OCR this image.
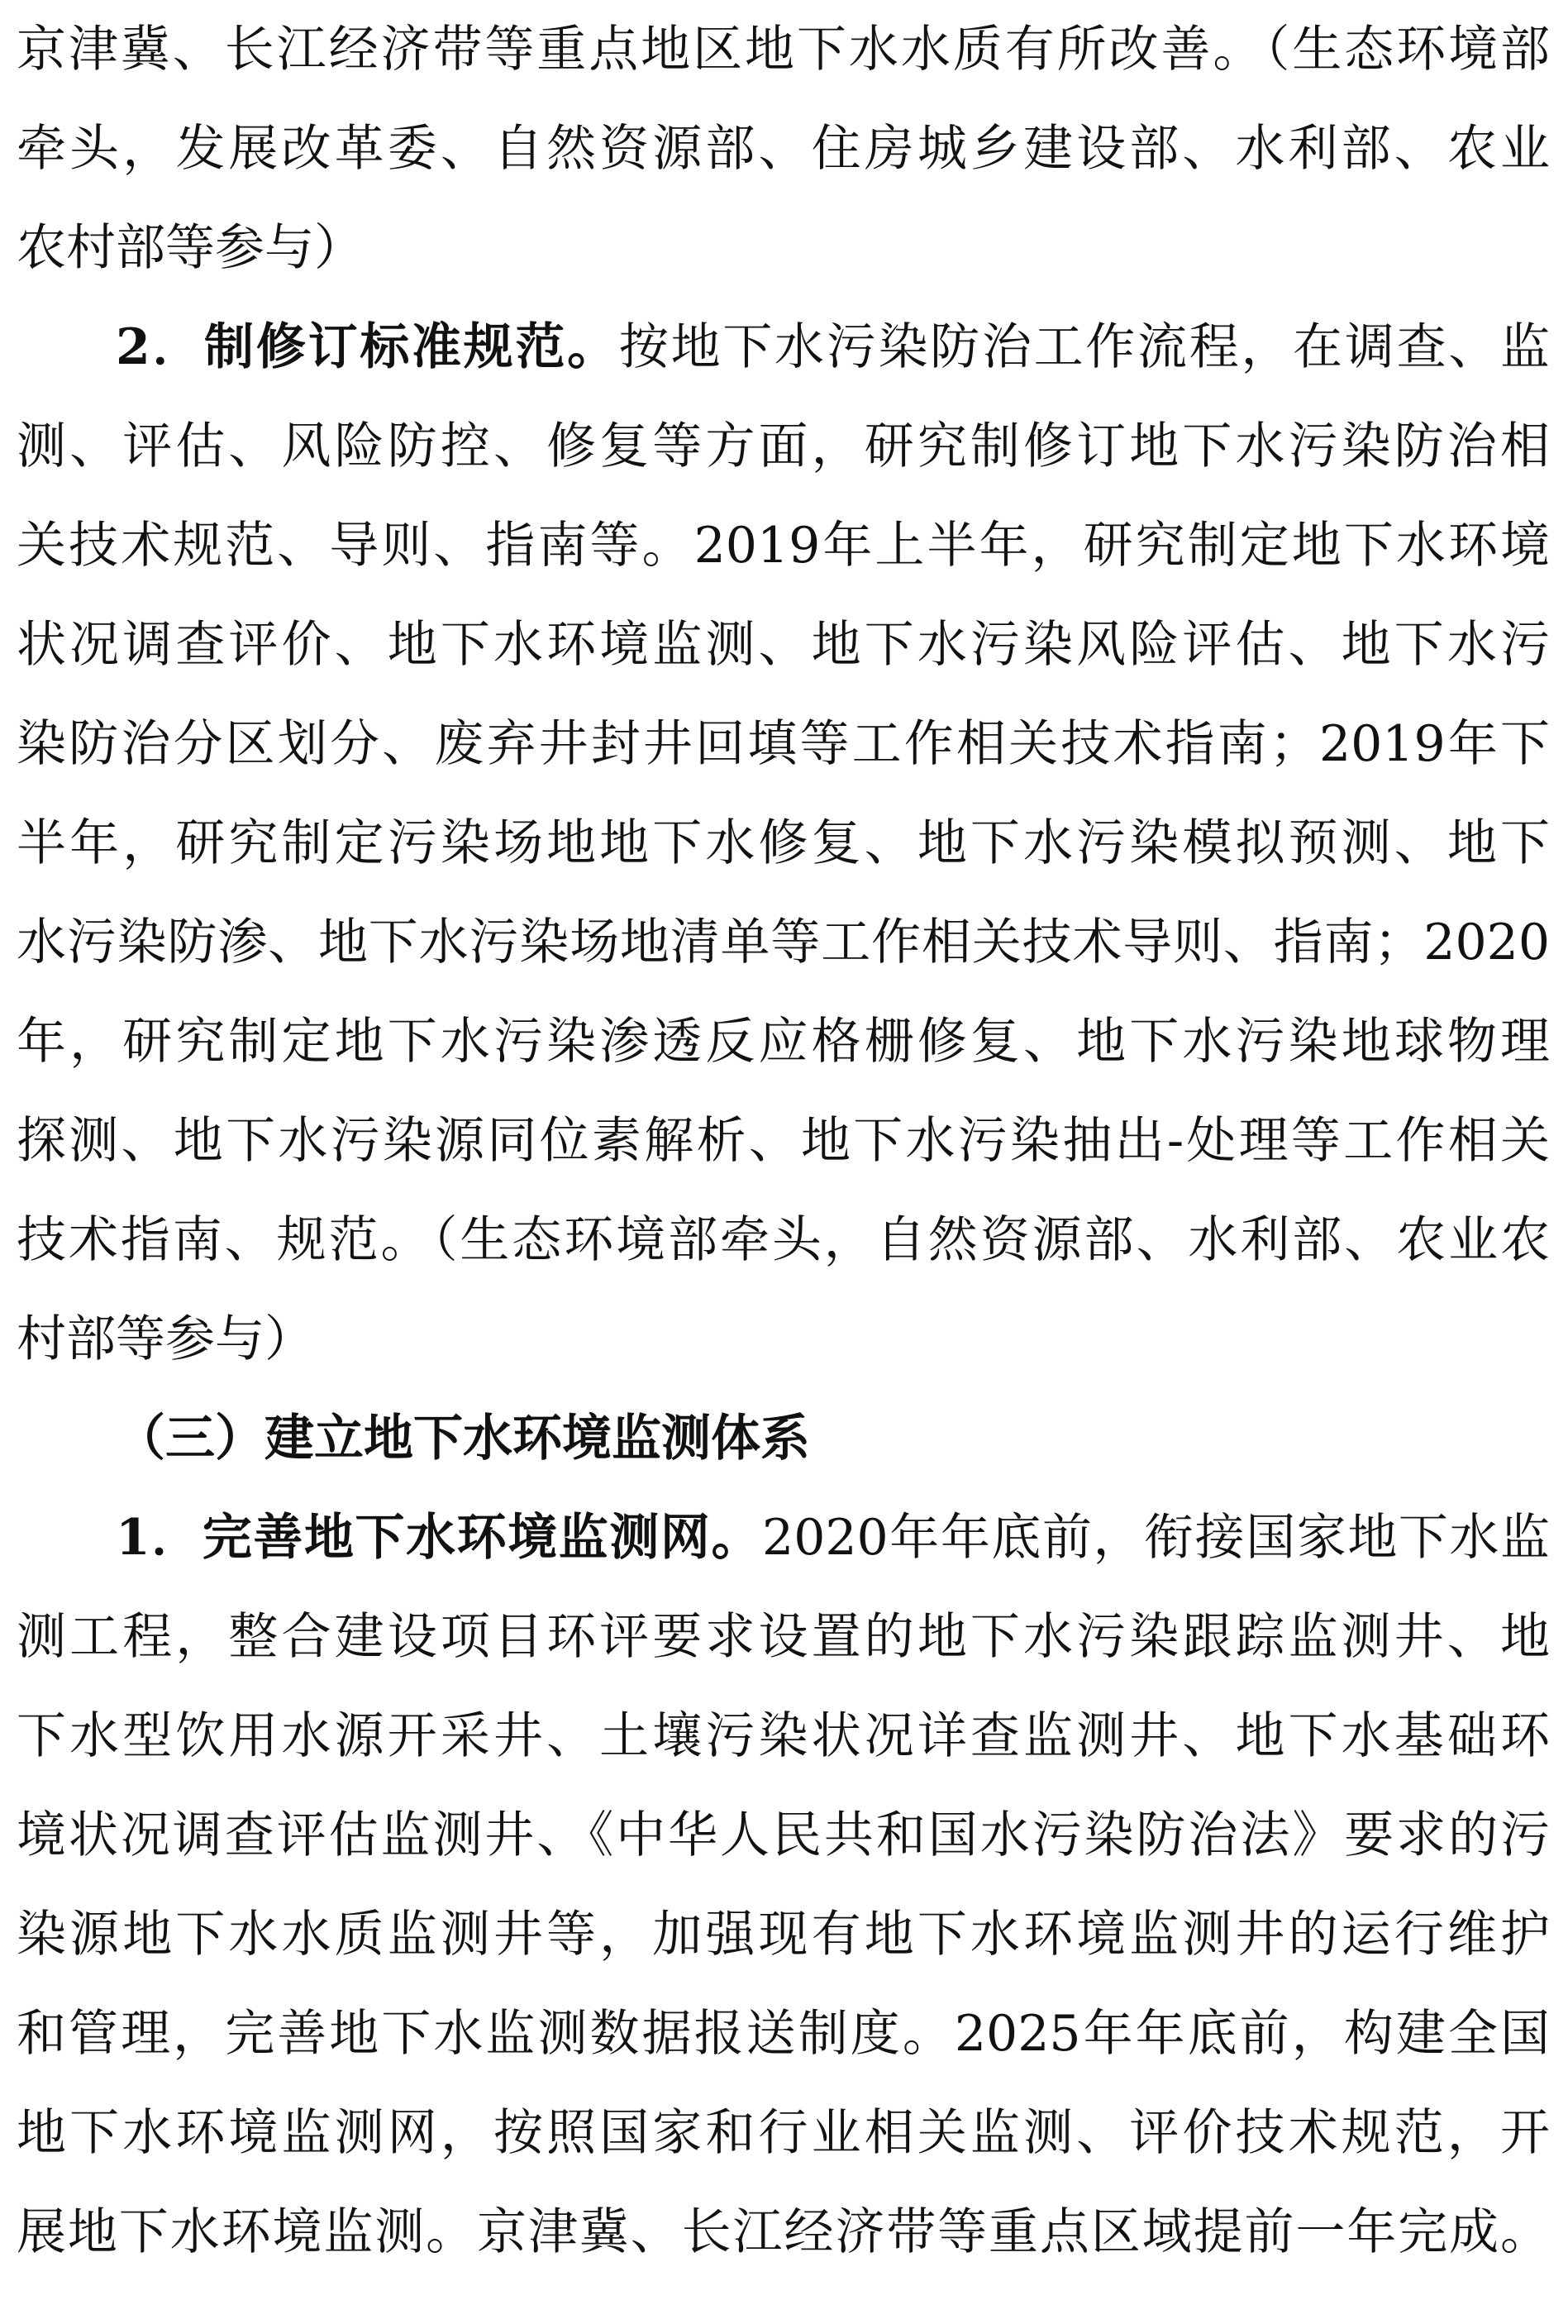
京津冀、长江经济带等重点地区地下水水质有所改善。（生态环境部
牵头，发展改革委、自然资源部、住房城乡建设部、水利部、农业
农村部等参与）
2．制修订标准规范。按地下水污染防治工作流程，在调查、监
测、评估、风险防控、修复等方面，研究制修订地下水污染防治相
关技术规范、导则、指南等。2019年上半年，研究制定地下水环境
状况调查评价、地下水环境监测、地下水污染风险评估、地下水污
染防治分区划分、废弃井封井回填等工作相关技术指南；2019年下
半年，研究制定污染场地地下水修复、地下水污染模拟预测、地下
水污染防渗、地下水污染场地清单等工作相关技术导则、指南；2020
年，研究制定地下水污染渗透反应格栅修复、地下水污染地球物理
探测、地下水污染源同位素解析、地下水污染抽出-处理等工作相关
技术指南、规范。（生态环境部牵头，自然资源部、水利部、农业农
村部等参与）
（三）建立地下水环境监测体系
1．完善地下水环境监测网。2020年年底前，衔接国家地下水监
测工程，整合建设项目环评要求设置的地下水污染跟踪监测井、地
下水型饮用水源开采井、土壤污染状况详查监测井、地下水基础环
境状况调查评估监测井、《中华人民共和国水污染防治法》要求的污
染源地下水水质监测井等，加强现有地下水环境监测井的运行维护
和管理，完善地下水监测数据报送制度。2025年年底前，构建全国
地下水环境监测网，按照国家和行业相关监测、评价技术规范，开
展地下水环境监测。京津冀、长江经济带等重点区域提前一年完成。
